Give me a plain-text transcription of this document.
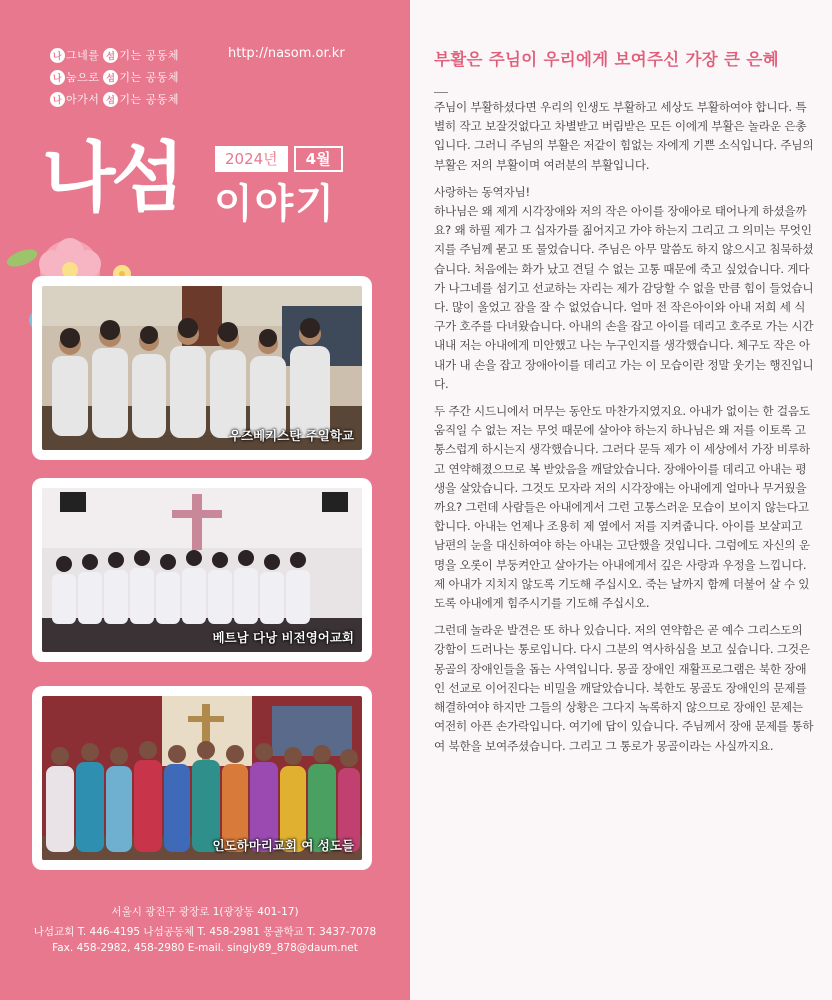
나 그네를 섬 기는 공동체
나 눔으로 섬 기는 공동체
나 아가서 섬 기는 공동체
http://nasom.or.kr
2024년	4월
나섬 이야기
우즈베키스탄 주일학교
베트남 다낭 비전영어교회
인도하마리교회 여 성도들
서울시 광진구 광장로 1(광장동 401-17)
나섬교회 T. 446-4195 나섬공동체 T. 458-2981 몽골학교 T. 3437-7078
Fax. 458-2982, 458-2980 E-mail. singly89_878@daum.net
부활은 주님이 우리에게 보여주신 가장 큰 은혜

주님이 부활하셨다면 우리의 인생도 부활하고 세상도 부활하여야 합니다. 특별히 작고 보잘것없다고 차별받고 버림받은 모든 이에게 부활은 놀라운 은총입니다. 그러니 주님의 부활은 저같이 힘없는 자에게 기쁜 소식입니다. 주님의 부활은 저의 부활이며 여러분의 부활입니다.

사랑하는 동역자님!
하나님은 왜 제게 시각장애와 저의 작은 아이를 장애아로 태어나게 하셨을까요? 왜 하필 제가 그 십자가를 짊어지고 가야 하는지 그리고 그 의미는 무엇인지를 주님께 묻고 또 물었습니다. 주님은 아무 말씀도 하지 않으시고 침묵하셨습니다. 처음에는 화가 났고 견딜 수 없는 고통 때문에 죽고 싶었습니다. 게다가 나그네를 섬기고 선교하는 자리는 제가 감당할 수 없을 만큼 힘이 들었습니다. 많이 울었고 잠을 잘 수 없었습니다. 얼마 전 작은아이와 아내 저희 세 식구가 호주를 다녀왔습니다. 아내의 손을 잡고 아이를 데리고 호주로 가는 시간 내내 저는 아내에게 미안했고 나는 누구인지를 생각했습니다. 체구도 작은 아내가 내 손을 잡고 장애아이를 데리고 가는 이 모습이란 정말 웃기는 행진입니다.

두 주간 시드니에서 머무는 동안도 마찬가지였지요. 아내가 없이는 한 걸음도 움직일 수 없는 저는 무엇 때문에 살아야 하는지 하나님은 왜 저를 이토록 고통스럽게 하시는지 생각했습니다. 그러다 문득 제가 이 세상에서 가장 비루하고 연약해졌으므로 복 받았음을 깨달았습니다. 장애아이를 데리고 아내는 평생을 살았습니다. 그것도 모자라 저의 시각장애는 아내에게 얼마나 무거웠을까요? 그런데 사람들은 아내에게서 그런 고통스러운 모습이 보이지 않는다고 합니다. 아내는 언제나 조용히 제 옆에서 저를 지켜줍니다. 아이를 보살피고 남편의 눈을 대신하여야 하는 아내는 고단했을 것입니다. 그럼에도 자신의 운명을 오롯이 부둥켜안고 살아가는 아내에게서 깊은 사랑과 우정을 느낍니다. 제 아내가 지치지 않도록 기도해 주십시오. 죽는 날까지 함께 더불어 살 수 있도록 아내에게 힘주시기를 기도해 주십시오.

그런데 놀라운 발견은 또 하나 있습니다. 저의 연약함은 곧 예수 그리스도의 강함이 드러나는 통로입니다. 다시 그분의 역사하심을 보고 싶습니다. 그것은 몽골의 장애인들을 돕는 사역입니다. 몽골 장애인 재활프로그램은 북한 장애인 선교로 이어진다는 비밀을 깨달았습니다. 북한도 몽골도 장애인의 문제를 해결하여야 하지만 그들의 상황은 그다지 녹록하지 않으므로 장애인 문제는 여전히 아픈 손가락입니다. 여기에 답이 있습니다. 주님께서 장애 문제를 통하여 북한을 보여주셨습니다. 그리고 그 통로가 몽골이라는 사실까지요.
